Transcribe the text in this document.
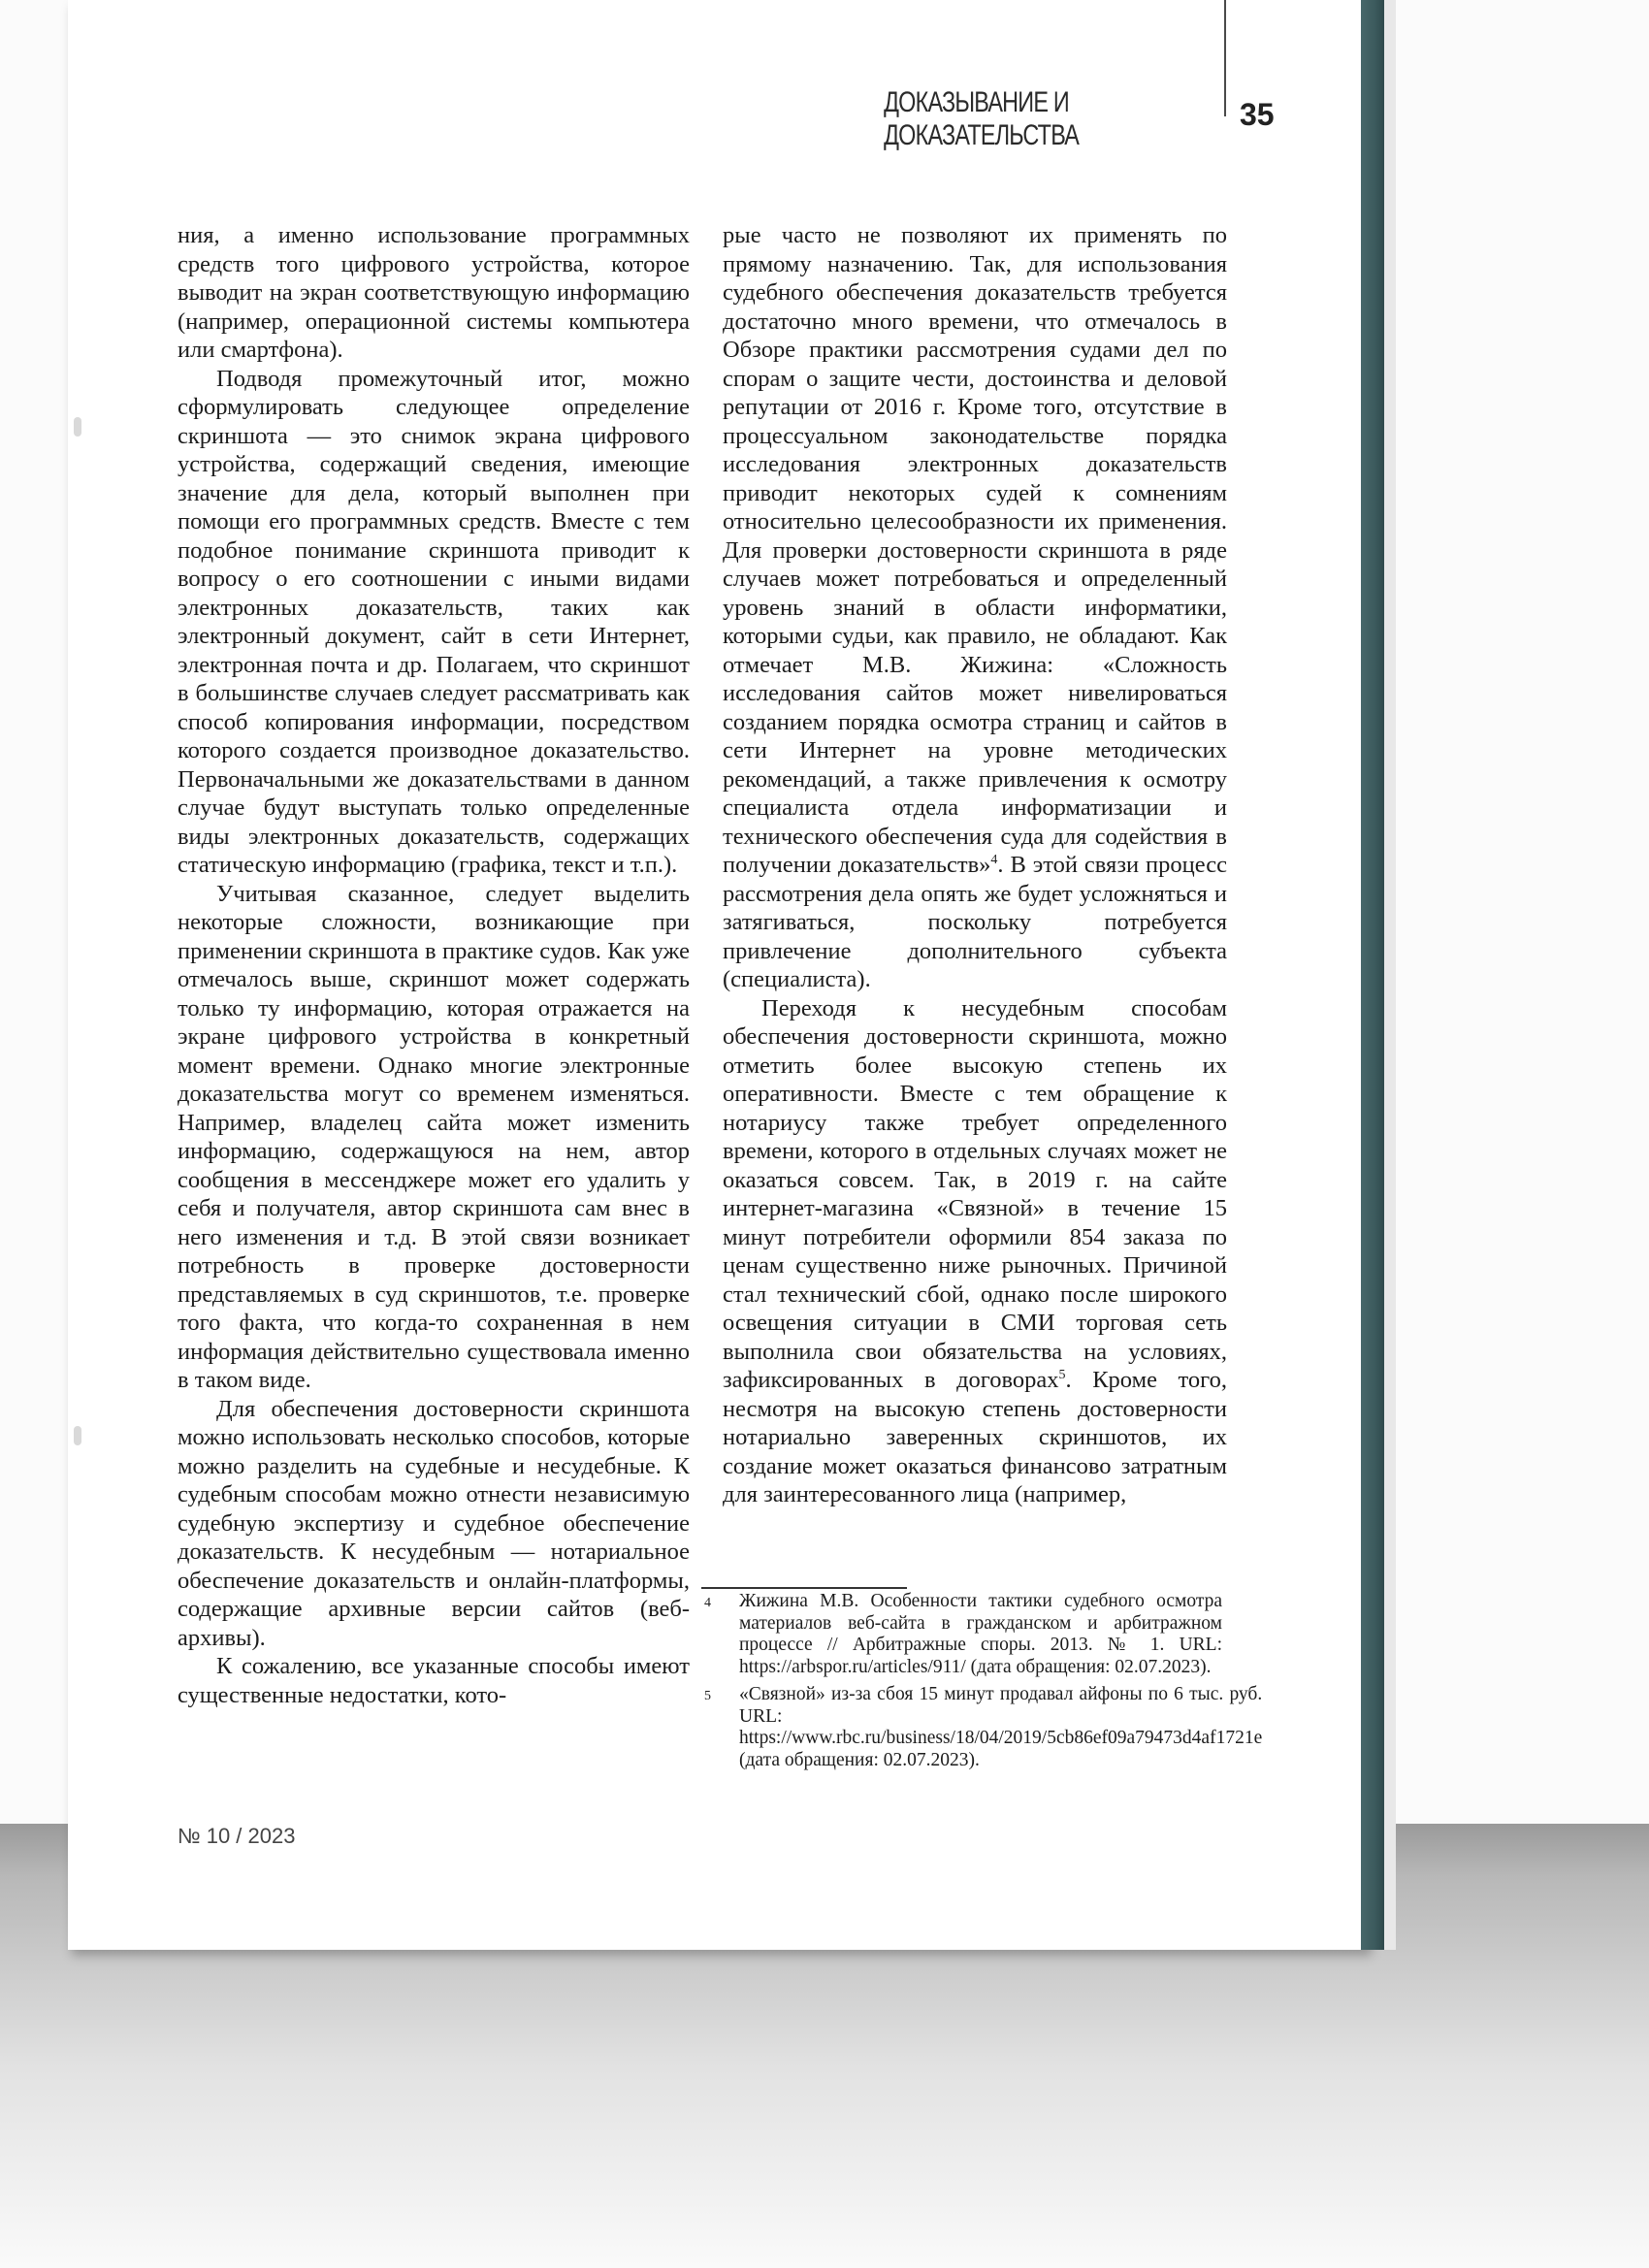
ДОКАЗЫВАНИЕ И ДОКАЗАТЕЛЬСТВА
35

ния, а именно использование программных средств того цифрового устройства, которое выводит на экран соответствующую информацию (например, операционной системы компьютера или смартфона).

Подводя промежуточный итог, можно сформулировать следующее определение скриншота — это снимок экрана цифрового устройства, содержащий сведения, имеющие значение для дела, который выполнен при помощи его программных средств. Вместе с тем подобное понимание скриншота приводит к вопросу о его соотношении с иными видами электронных доказательств, таких как электронный документ, сайт в сети Интернет, электронная почта и др. Полагаем, что скриншот в большинстве случаев следует рассматривать как способ копирования информации, посредством которого создается производное доказательство. Первоначальными же доказательствами в данном случае будут выступать только определенные виды электронных доказательств, содержащих статическую информацию (графика, текст и т.п.).

Учитывая сказанное, следует выделить некоторые сложности, возникающие при применении скриншота в практике судов. Как уже отмечалось выше, скриншот может содержать только ту информацию, которая отражается на экране цифрового устройства в конкретный момент времени. Однако многие электронные доказательства могут со временем изменяться. Например, владелец сайта может изменить информацию, содержащуюся на нем, автор сообщения в мессенджере может его удалить у себя и получателя, автор скриншота сам внес в него изменения и т.д. В этой связи возникает потребность в проверке достоверности представляемых в суд скриншотов, т.е. проверке того факта, что когда-то сохраненная в нем информация действительно существовала именно в таком виде.

Для обеспечения достоверности скриншота можно использовать несколько способов, которые можно разделить на судебные и несудебные. К судебным способам можно отнести независимую судебную экспертизу и судебное обеспечение доказательств. К несудебным — нотариальное обеспечение доказательств и онлайн-платформы, содержащие архивные версии сайтов (веб-архивы).

К сожалению, все указанные способы имеют существенные недостатки, кото-

рые часто не позволяют их применять по прямому назначению. Так, для использования судебного обеспечения доказательств требуется достаточно много времени, что отмечалось в Обзоре практики рассмотрения судами дел по спорам о защите чести, достоинства и деловой репутации от 2016 г. Кроме того, отсутствие в процессуальном законодательстве порядка исследования электронных доказательств приводит некоторых судей к сомнениям относительно целесообразности их применения. Для проверки достоверности скриншота в ряде случаев может потребоваться и определенный уровень знаний в области информатики, которыми судьи, как правило, не обладают. Как отмечает М.В. Жижина: «Сложность исследования сайтов может нивелироваться созданием порядка осмотра страниц и сайтов в сети Интернет на уровне методических рекомендаций, а также привлечения к осмотру специалиста отдела информатизации и технического обеспечения суда для содействия в получении доказательств»$^4$. В этой связи процесс рассмотрения дела опять же будет усложняться и затягиваться, поскольку потребуется привлечение дополнительного субъекта (специалиста).

Переходя к несудебным способам обеспечения достоверности скриншота, можно отметить более высокую степень их оперативности. Вместе с тем обращение к нотариусу также требует определенного времени, которого в отдельных случаях может не оказаться совсем. Так, в 2019 г. на сайте интернет-магазина «Связной» в течение 15 минут потребители оформили 854 заказа по ценам существенно ниже рыночных. Причиной стал технический сбой, однако после широкого освещения ситуации в СМИ торговая сеть выполнила свои обязательства на условиях, зафиксированных в договорах$^5$. Кроме того, несмотря на высокую степень достоверности нотариально заверенных скриншотов, их создание может оказаться финансово затратным для заинтересованного лица (например,

4	Жижина М.В. Особенности тактики судебного осмотра материалов веб-сайта в гражданском и арбитражном процессе // Арбитражные споры. 2013. № 1. URL: https://arbspor.ru/articles/911/ (дата обращения: 02.07.2023).
5	«Связной» из-за сбоя 15 минут продавал айфоны по 6 тыс. руб. URL: https://www.rbc.ru/business/18/04/2019/5cb86ef09a79473d4af1721e (дата обращения: 02.07.2023).
№ 10 / 2023
